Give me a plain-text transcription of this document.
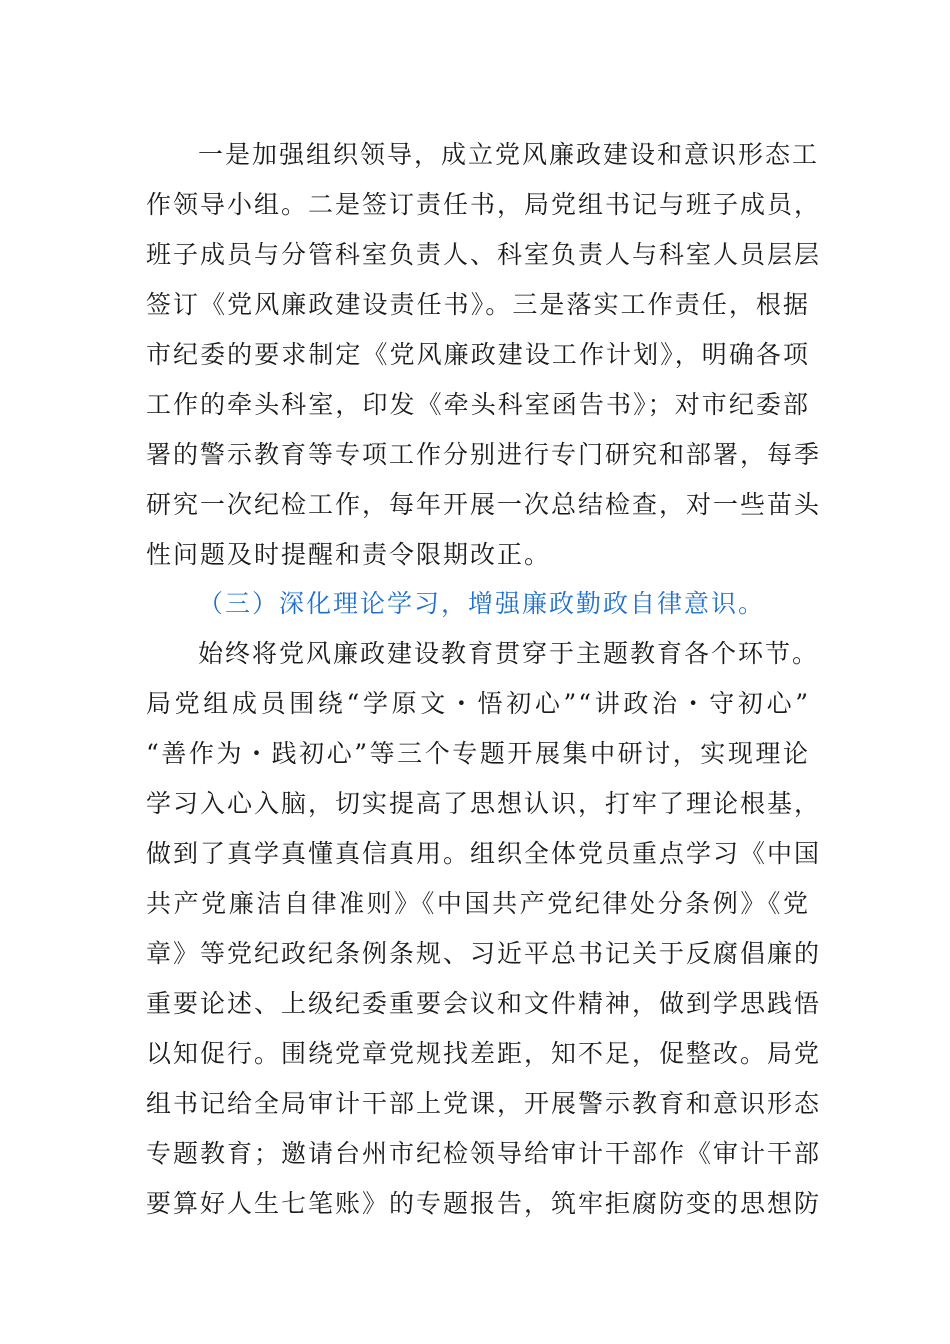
一是加强组织领导，成立党风廉政建设和意识形态工
作领导小组。二是签订责任书，局党组书记与班子成员，
班子成员与分管科室负责人、科室负责人与科室人员层层
签订《党风廉政建设责任书》。三是落实工作责任，根据
市纪委的要求制定《党风廉政建设工作计划》，明确各项
工作的牵头科室，印发《牵头科室函告书》；对市纪委部
署的警示教育等专项工作分别进行专门研究和部署，每季
研究一次纪检工作，每年开展一次总结检查，对一些苗头
性问题及时提醒和责令限期改正。
（三）深化理论学习，增强廉政勤政自律意识。
始终将党风廉政建设教育贯穿于主题教育各个环节。
局党组成员围绕“学原文・悟初心”“讲政治・守初心”
“善作为・践初心”等三个专题开展集中研讨，实现理论
学习入心入脑，切实提高了思想认识，打牢了理论根基，
做到了真学真懂真信真用。组织全体党员重点学习《中国
共产党廉洁自律准则》《中国共产党纪律处分条例》《党
章》等党纪政纪条例条规、习近平总书记关于反腐倡廉的
重要论述、上级纪委重要会议和文件精神，做到学思践悟
以知促行。围绕党章党规找差距，知不足，促整改。局党
组书记给全局审计干部上党课，开展警示教育和意识形态
专题教育；邀请台州市纪检领导给审计干部作《审计干部
要算好人生七笔账》的专题报告，筑牢拒腐防变的思想防
